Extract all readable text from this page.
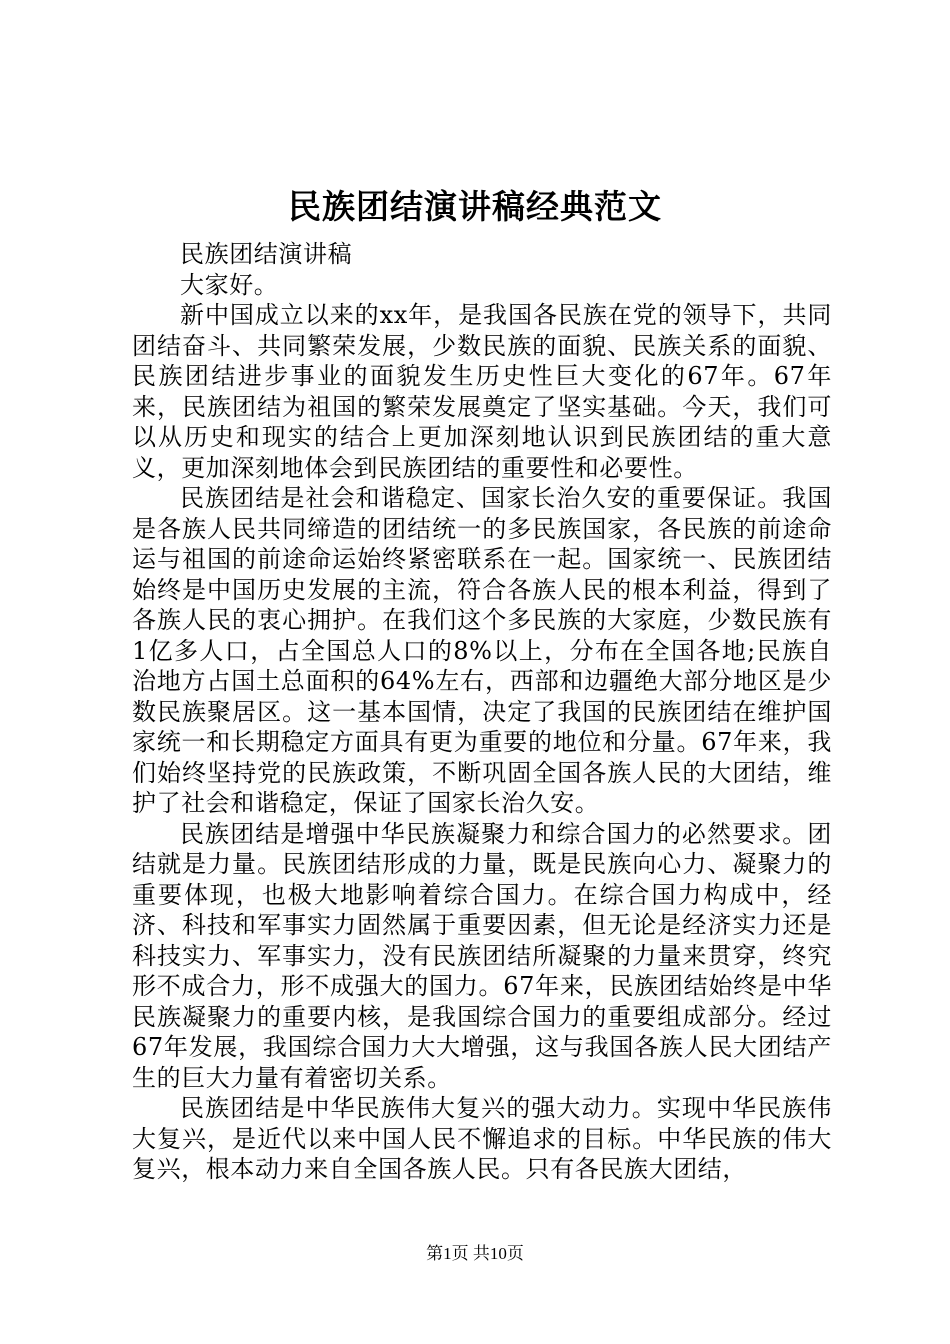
民族团结演讲稿经典范文

民族团结演讲稿

大家好。

新中国成立以来的xx年，是我国各民族在党的领导下，共同团结奋斗、共同繁荣发展，少数民族的面貌、民族关系的面貌、民族团结进步事业的面貌发生历史性巨大变化的67年。67年来，民族团结为祖国的繁荣发展奠定了坚实基础。今天，我们可以从历史和现实的结合上更加深刻地认识到民族团结的重大意义，更加深刻地体会到民族团结的重要性和必要性。

民族团结是社会和谐稳定、国家长治久安的重要保证。我国是各族人民共同缔造的团结统一的多民族国家，各民族的前途命运与祖国的前途命运始终紧密联系在一起。国家统一、民族团结始终是中国历史发展的主流，符合各族人民的根本利益，得到了各族人民的衷心拥护。在我们这个多民族的大家庭，少数民族有1亿多人口，占全国总人口的8%以上，分布在全国各地;民族自治地方占国土总面积的64%左右，西部和边疆绝大部分地区是少数民族聚居区。这一基本国情，决定了我国的民族团结在维护国家统一和长期稳定方面具有更为重要的地位和分量。67年来，我们始终坚持党的民族政策，不断巩固全国各族人民的大团结，维护了社会和谐稳定，保证了国家长治久安。

民族团结是增强中华民族凝聚力和综合国力的必然要求。团结就是力量。民族团结形成的力量，既是民族向心力、凝聚力的重要体现，也极大地影响着综合国力。在综合国力构成中，经济、科技和军事实力固然属于重要因素，但无论是经济实力还是科技实力、军事实力，没有民族团结所凝聚的力量来贯穿，终究形不成合力，形不成强大的国力。67年来，民族团结始终是中华民族凝聚力的重要内核，是我国综合国力的重要组成部分。经过67年发展，我国综合国力大大增强，这与我国各族人民大团结产生的巨大力量有着密切关系。

民族团结是中华民族伟大复兴的强大动力。实现中华民族伟大复兴，是近代以来中国人民不懈追求的目标。中华民族的伟大复兴，根本动力来自全国各族人民。只有各民族大团结，

第1页 共10页
